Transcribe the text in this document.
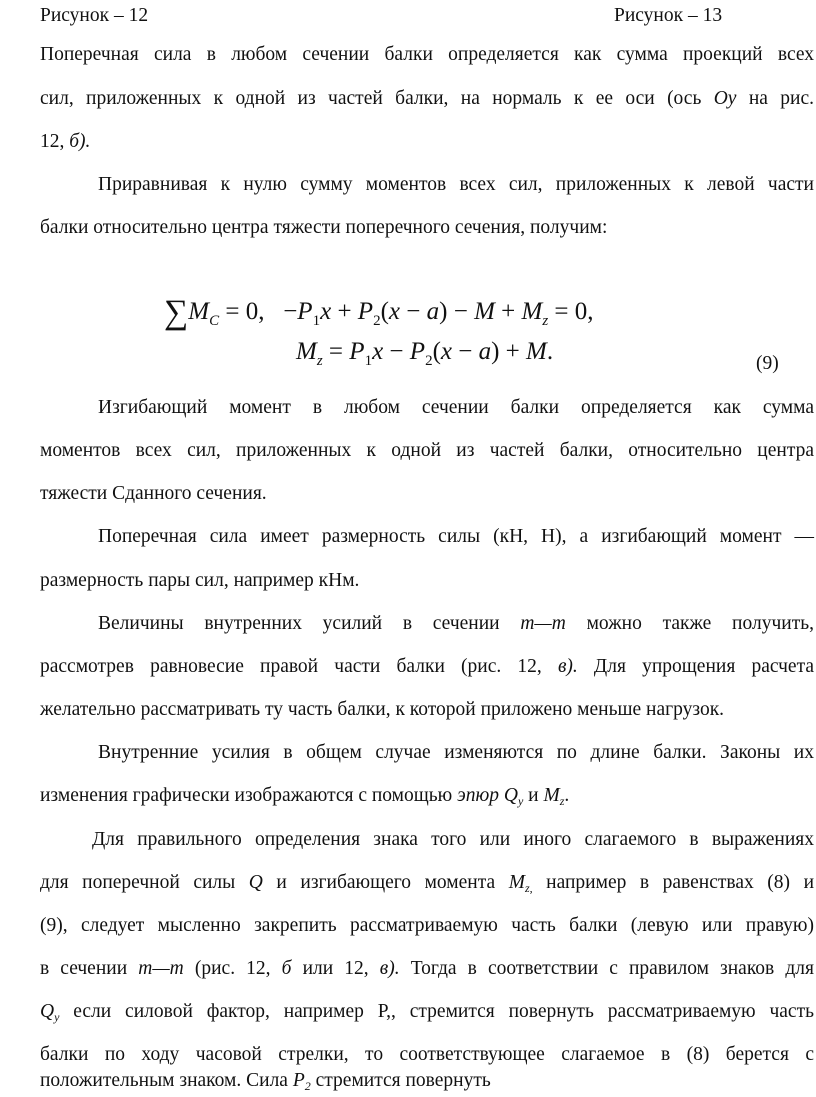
Рисунок – 12	Рисунок – 13
Поперечная сила в любом сечении балки определяется как сумма проекций всех
сил, приложенных к одной из частей балки, на нормаль к ее оси (ось Oy на рис.
12, б).
Приравнивая к нулю сумму моментов всех сил, приложенных к левой части
балки относительно центра тяжести поперечного сечения, получим:
$\sum M_C = 0$,   $-P_1x + P_2(x - a) - M + M_z = 0$,
$M_z = P_1x - P_2(x - a) + M$.	(9)
Изгибающий момент в любом сечении балки определяется как сумма
моментов всех сил, приложенных к одной из частей балки, относительно центра
тяжести Сданного сечения.
Поперечная сила имеет размерность силы (кН, Н), а изгибающий момент —
размерность пары сил, например кНм.
Величины внутренних усилий в сечении т—т можно также получить,
рассмотрев равновесие правой части балки (рис. 12, в). Для упрощения расчета
желательно рассматривать ту часть балки, к которой приложено меньше нагрузок.
Внутренние усилия в общем случае изменяются по длине балки. Законы их
изменения графически изображаются с помощью эпюр $Q_y$ и $M_z$.
Для правильного определения знака того или иного слагаемого в выражениях
для поперечной силы Q и изгибающего момента $M_{z,}$ например в равенствах (8) и
(9), следует мысленно закрепить рассматриваемую часть балки (левую или правую)
в сечении т—т (рис. 12, б или 12, в). Тогда в соответствии с правилом знаков для
$Q_y$ если силовой фактор, например Р,, стремится повернуть рассматриваемую часть
балки по ходу часовой стрелки, то соответствующее слагаемое в (8) берется с
положительным знаком. Сила $P_2$ стремится повернуть
